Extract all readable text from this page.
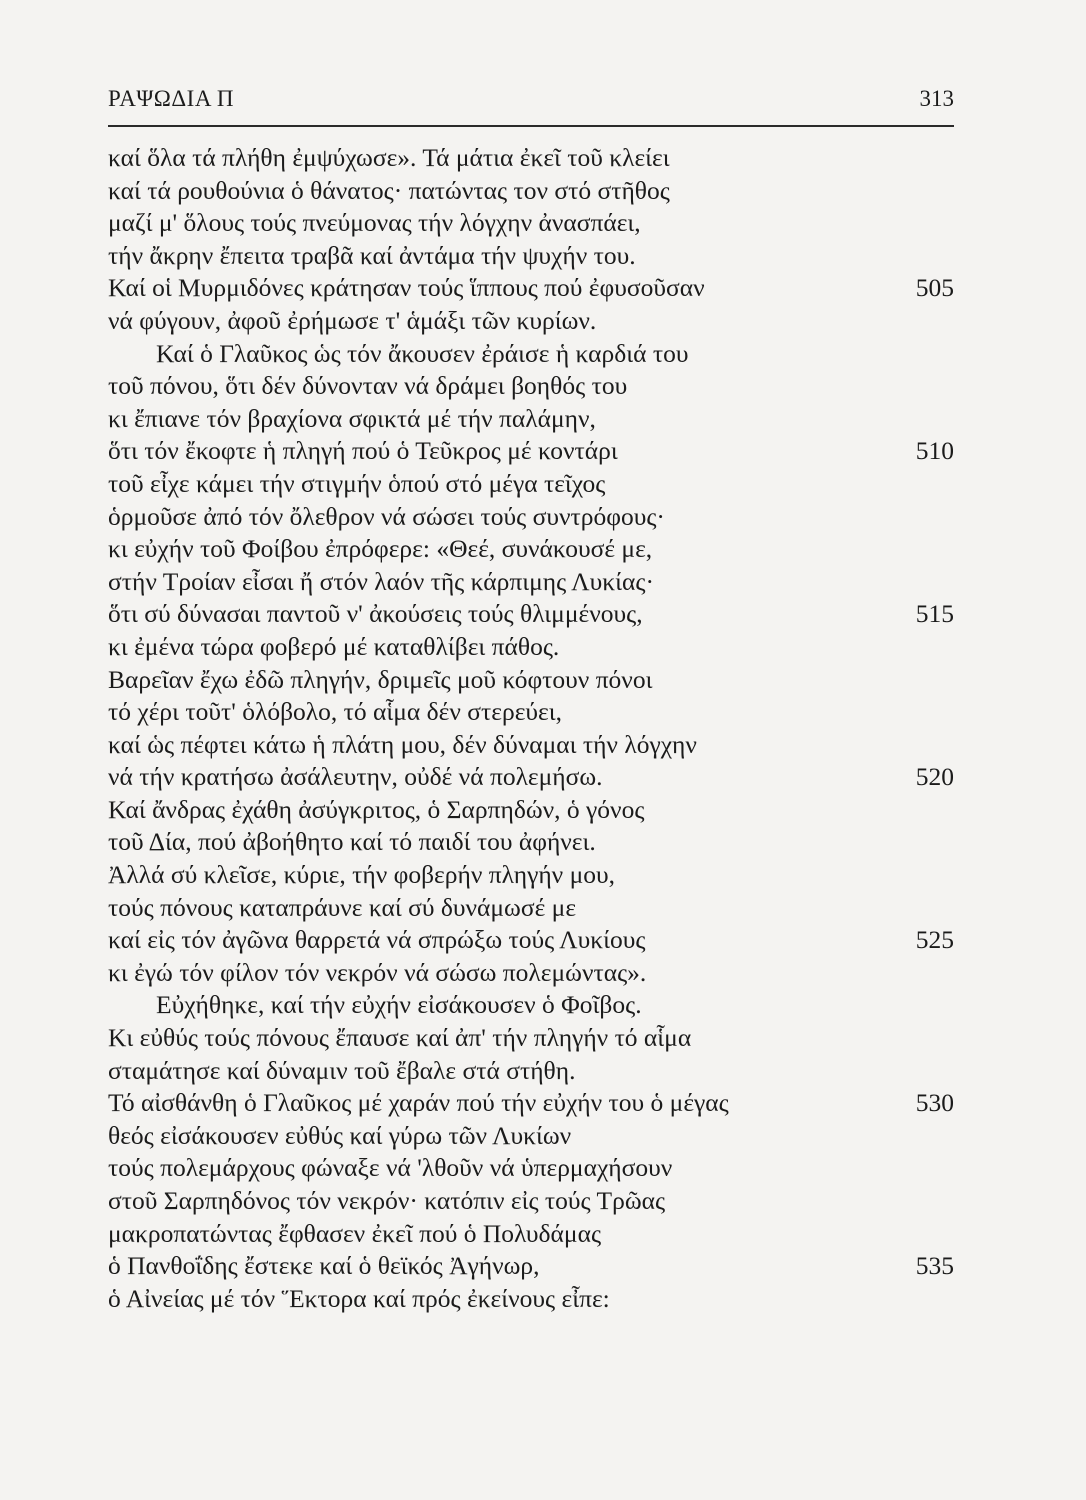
ΡΑΨΩΔΙΑ Π	313
καί ὅλα τά πλήθη ἐμψύχωσε». Τά μάτια ἐκεῖ τοῦ κλείει
καί τά ρουθούνια ὁ θάνατος· πατώντας τον στό στῆθος
μαζί μ' ὅλους τούς πνεύμονας τήν λόγχην ἀνασπάει,
τήν ἄκρην ἔπειτα τραβᾶ καί ἀντάμα τήν ψυχήν του.
Καί οἱ Μυρμιδόνες κράτησαν τούς ἵππους πού ἐφυσοῦσαν	505
νά φύγουν, ἀφοῦ ἐρήμωσε τ' ἁμάξι τῶν κυρίων.
Καί ὁ Γλαῦκος ὡς τόν ἄκουσεν ἐράισε ἡ καρδιά του
τοῦ πόνου, ὅτι δέν δύνονταν νά δράμει βοηθός του
κι ἔπιανε τόν βραχίονα σφικτά μέ τήν παλάμην,
ὅτι τόν ἔκοφτε ἡ πληγή πού ὁ Τεῦκρος μέ κοντάρι	510
τοῦ εἶχε κάμει τήν στιγμήν ὁπού στό μέγα τεῖχος
ὁρμοῦσε ἀπό τόν ὄλεθρον νά σώσει τούς συντρόφους·
κι εὐχήν τοῦ Φοίβου ἐπρόφερε: «Θεέ, συνάκουσέ με,
στήν Τροίαν εἶσαι ἤ στόν λαόν τῆς κάρπιμης Λυκίας·
ὅτι σύ δύνασαι παντοῦ ν' ἀκούσεις τούς θλιμμένους,	515
κι ἐμένα τώρα φοβερό μέ καταθλίβει πάθος.
Βαρεῖαν ἔχω ἐδῶ πληγήν, δριμεῖς μοῦ κόφτουν πόνοι
τό χέρι τοῦτ' ὁλόβολο, τό αἷμα δέν στερεύει,
καί ὡς πέφτει κάτω ἡ πλάτη μου, δέν δύναμαι τήν λόγχην
νά τήν κρατήσω ἀσάλευτην, οὐδέ νά πολεμήσω.	520
Καί ἄνδρας ἐχάθη ἀσύγκριτος, ὁ Σαρπηδών, ὁ γόνος
τοῦ Δία, πού ἀβοήθητο καί τό παιδί του ἀφήνει.
Ἀλλά σύ κλεῖσε, κύριε, τήν φοβερήν πληγήν μου,
τούς πόνους καταπράυνε καί σύ δυνάμωσέ με
καί εἰς τόν ἀγῶνα θαρρετά νά σπρώξω τούς Λυκίους	525
κι ἐγώ τόν φίλον τόν νεκρόν νά σώσω πολεμώντας».
Εὐχήθηκε, καί τήν εὐχήν εἰσάκουσεν ὁ Φοῖβος.
Κι εὐθύς τούς πόνους ἔπαυσε καί ἀπ' τήν πληγήν τό αἷμα
σταμάτησε καί δύναμιν τοῦ ἔβαλε στά στήθη.
Τό αἰσθάνθη ὁ Γλαῦκος μέ χαράν πού τήν εὐχήν του ὁ μέγας	530
θεός εἰσάκουσεν εὐθύς καί γύρω τῶν Λυκίων
τούς πολεμάρχους φώναξε νά 'λθοῦν νά ὑπερμαχήσουν
στοῦ Σαρπηδόνος τόν νεκρόν· κατόπιν εἰς τούς Τρῶας
μακροπατώντας ἔφθασεν ἐκεῖ πού ὁ Πολυδάμας
ὁ Πανθοΐδης ἔστεκε καί ὁ θεϊκός Ἀγήνωρ,	535
ὁ Αἰνείας μέ τόν Ἕκτορα καί πρός ἐκείνους εἶπε:
